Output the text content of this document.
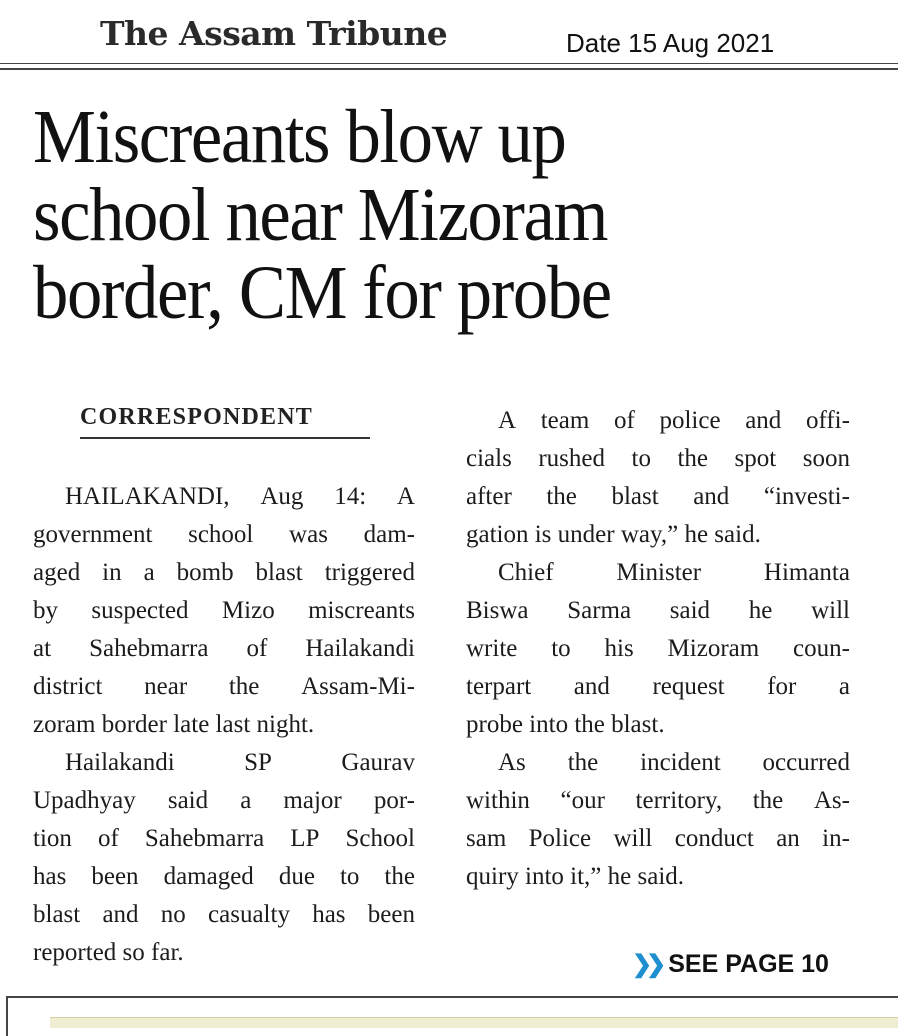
The Assam Tribune	Date 15 Aug 2021
Miscreants blow up
school near Mizoram
border, CM for probe
CORRESPONDENT
HAILAKANDI, Aug 14: A
government school was dam-
aged in a bomb blast triggered
by suspected Mizo miscreants
at Sahebmarra of Hailakandi
district near the Assam-Mi-
zoram border late last night.
Hailakandi	SP	Gaurav
Upadhyay said a major por-
tion of Sahebmarra LP School
has been damaged due to the
blast and no casualty has been
reported so far.
A team of police and offi-
cials rushed to the spot soon
after the blast and “investi-
gation is under way,” he said.
Chief	Minister	Himanta
Biswa Sarma said he will
write to his Mizoram coun-
terpart and request for a
probe into the blast.
As the incident occurred
within “our territory, the As-
sam Police will conduct an in-
quiry into it,” he said.
❯❯ SEE PAGE 10
